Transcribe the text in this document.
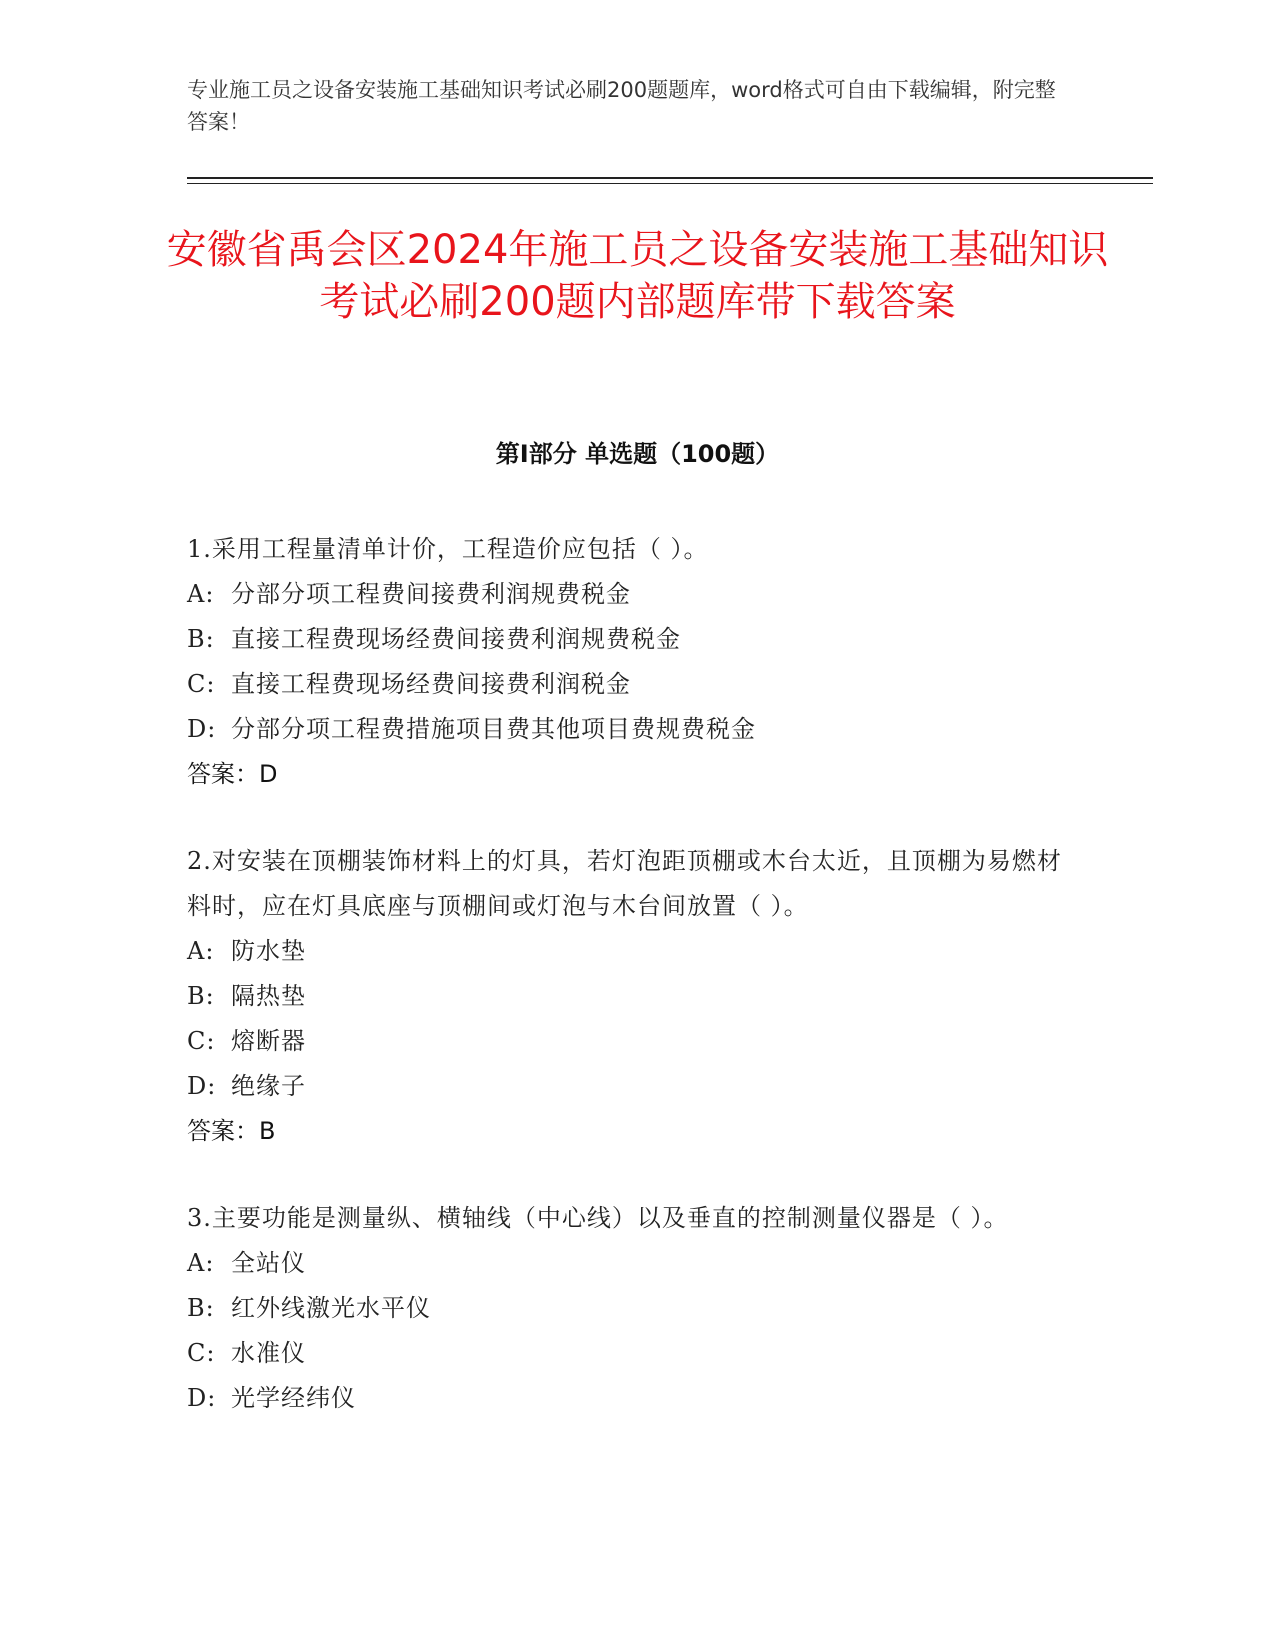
专业施工员之设备安装施工基础知识考试必刷200题题库，word格式可自由下载编辑，附完整答案！
安徽省禹会区2024年施工员之设备安装施工基础知识考试必刷200题内部题库带下载答案
第I部分 单选题（100题）
1.采用工程量清单计价，工程造价应包括（ ）。
A: 分部分项工程费间接费利润规费税金
B: 直接工程费现场经费间接费利润规费税金
C: 直接工程费现场经费间接费利润税金
D: 分部分项工程费措施项目费其他项目费规费税金
答案：D
2.对安装在顶棚装饰材料上的灯具，若灯泡距顶棚或木台太近，且顶棚为易燃材料时，应在灯具底座与顶棚间或灯泡与木台间放置（ ）。
A: 防水垫
B: 隔热垫
C: 熔断器
D: 绝缘子
答案：B
3.主要功能是测量纵、横轴线（中心线）以及垂直的控制测量仪器是（ ）。
A: 全站仪
B: 红外线激光水平仪
C: 水准仪
D: 光学经纬仪
